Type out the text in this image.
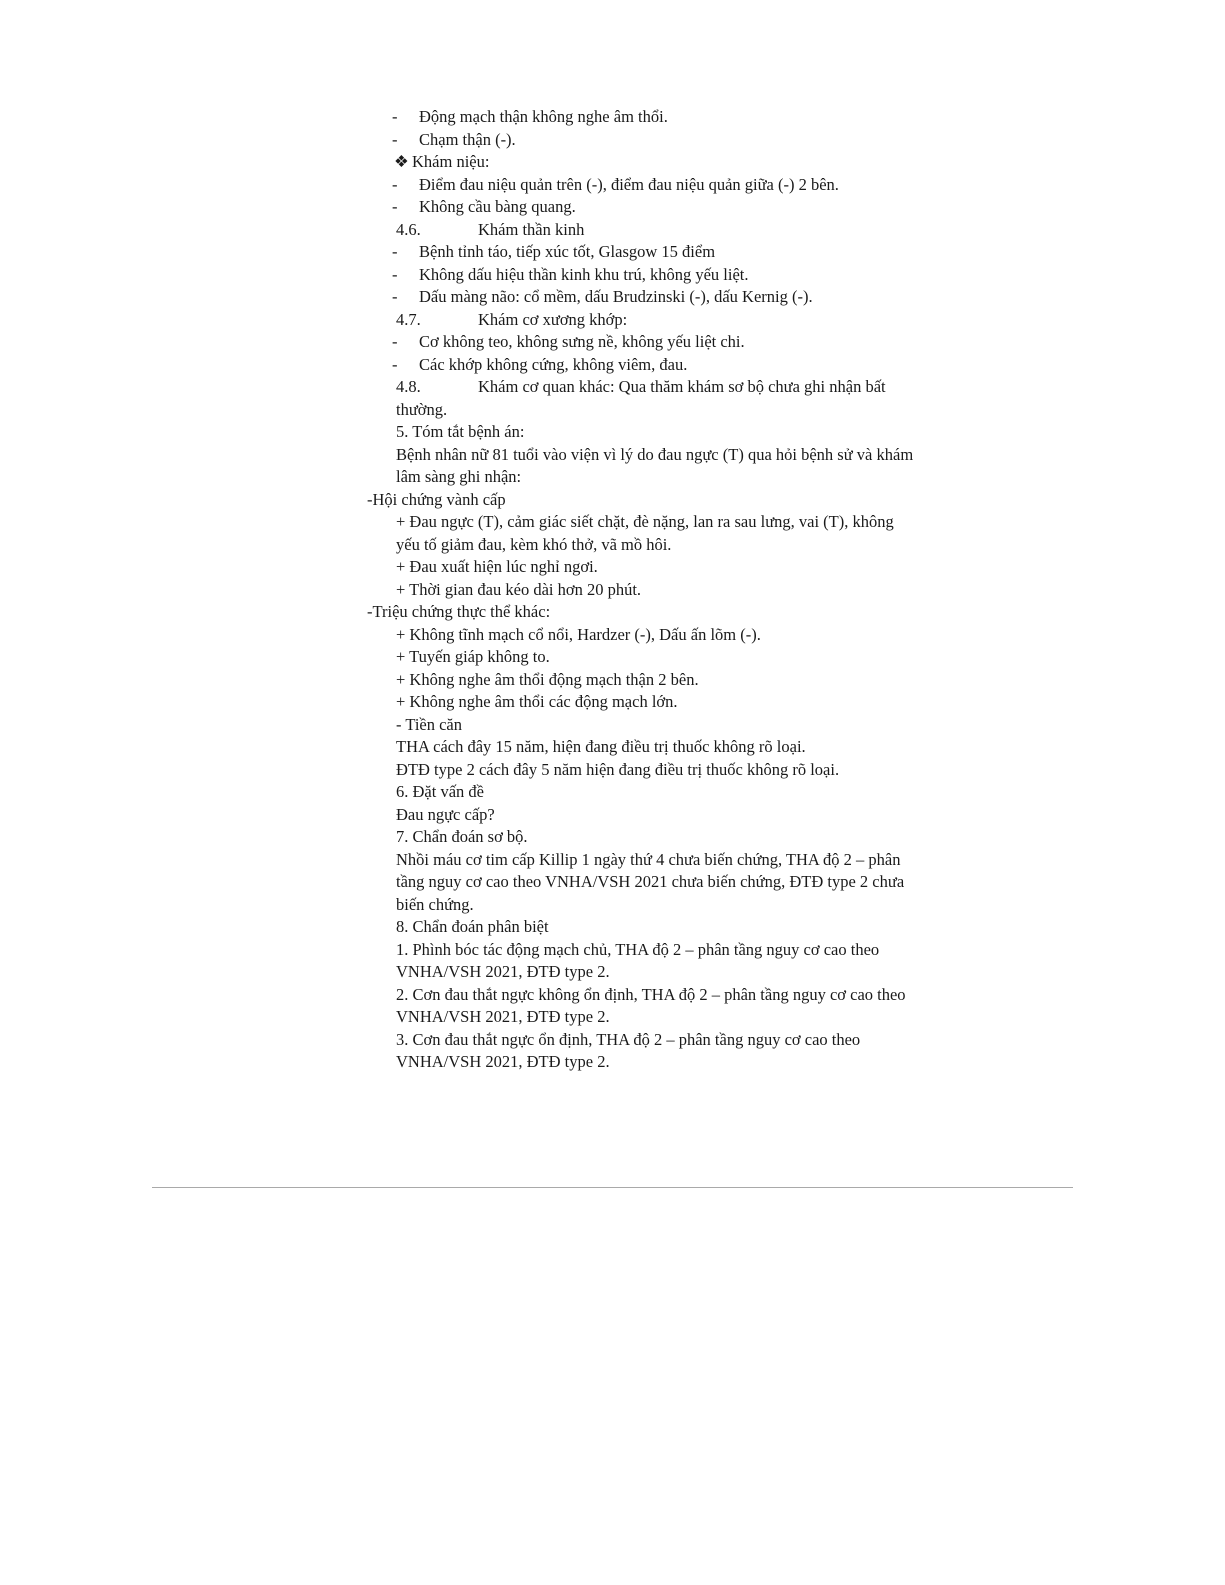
- Động mạch thận không nghe âm thổi.
- Chạm thận (-).
❖ Khám niệu:
- Điểm đau niệu quản trên (-), điểm đau niệu quản giữa (-) 2 bên.
- Không cầu bàng quang.
4.6.	Khám thần kinh
- Bệnh tỉnh táo, tiếp xúc tốt, Glasgow 15 điểm
- Không dấu hiệu thần kinh khu trú, không yếu liệt.
- Dấu màng não: cổ mềm, dấu Brudzinski (-), dấu Kernig (-).
4.7.	Khám cơ xương khớp:
- Cơ không teo, không sưng nề, không yếu liệt chi.
- Các khớp không cứng, không viêm, đau.
4.8.	Khám cơ quan khác: Qua thăm khám sơ bộ chưa ghi nhận bất
thường.
5. Tóm tắt bệnh án:
Bệnh nhân nữ 81 tuổi vào viện vì lý do đau ngực (T) qua hỏi bệnh sử và khám
lâm sàng ghi nhận:
-Hội chứng vành cấp
+ Đau ngực (T), cảm giác siết chặt, đè nặng, lan ra sau lưng, vai (T), không
yếu tố giảm đau, kèm khó thở, vã mồ hôi.
+ Đau xuất hiện lúc nghỉ ngơi.
+ Thời gian đau kéo dài hơn 20 phút.
-Triệu chứng thực thể khác:
+ Không tĩnh mạch cổ nổi, Hardzer (-), Dấu ấn lõm (-).
+ Tuyến giáp không to.
+ Không nghe âm thổi động mạch thận 2 bên.
+ Không nghe âm thổi các động mạch lớn.
- Tiền căn
THA cách đây 15 năm, hiện đang điều trị thuốc không rõ loại.
ĐTĐ type 2 cách đây 5 năm hiện đang điều trị thuốc không rõ loại.
6. Đặt vấn đề
Đau ngực cấp?
7. Chẩn đoán sơ bộ.
Nhồi máu cơ tim cấp Killip 1 ngày thứ 4 chưa biến chứng, THA độ 2 – phân
tầng nguy cơ cao theo VNHA/VSH 2021 chưa biến chứng, ĐTĐ type 2 chưa
biến chứng.
8. Chẩn đoán phân biệt
1. Phình bóc tác động mạch chủ, THA độ 2 – phân tầng nguy cơ cao theo
VNHA/VSH 2021, ĐTĐ type 2.
2. Cơn đau thắt ngực không ổn định, THA độ 2 – phân tầng nguy cơ cao theo
VNHA/VSH 2021, ĐTĐ type 2.
3. Cơn đau thắt ngực ổn định, THA độ 2 – phân tầng nguy cơ cao theo
VNHA/VSH 2021, ĐTĐ type 2.
